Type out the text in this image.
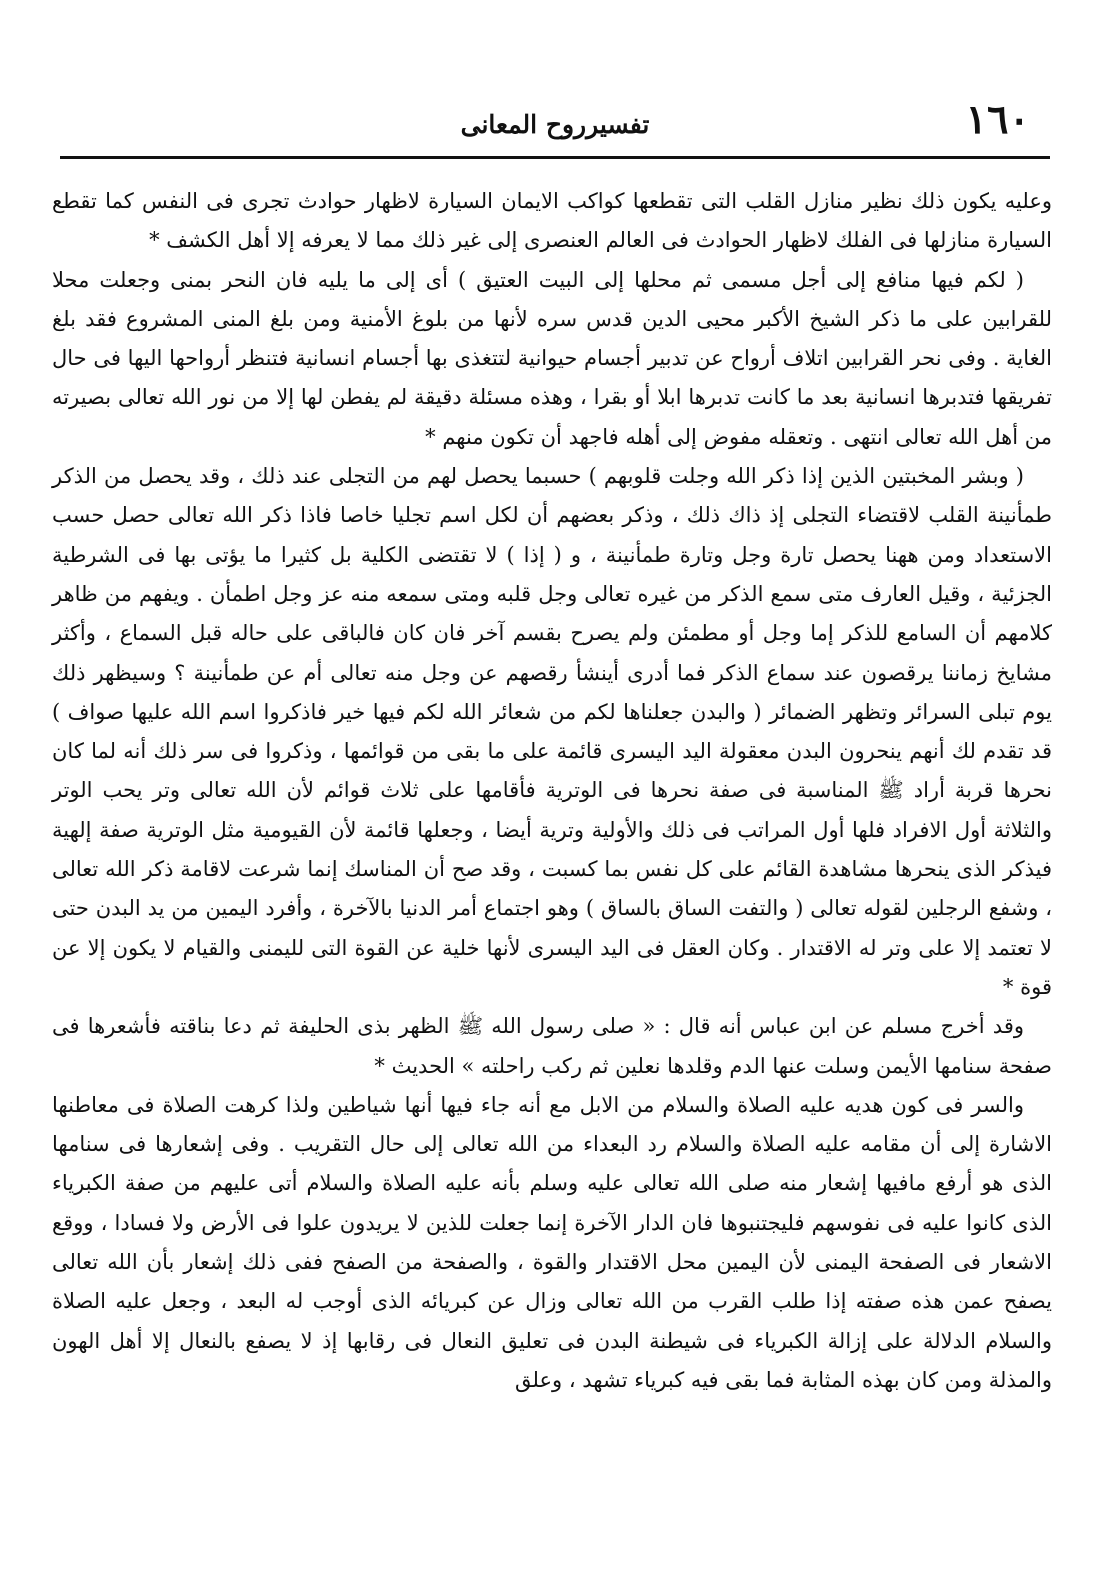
١٦٠
تفسيرروح المعانى

وعليه يكون ذلك نظير منازل القلب التى تقطعها كواكب الايمان السيارة لاظهار حوادث تجرى فى النفس كما تقطع السيارة منازلها فى الفلك لاظهار الحوادث فى العالم العنصرى إلى غير ذلك مما لا يعرفه إلا أهل الكشف *

( لكم فيها منافع إلى أجل مسمى ثم محلها إلى البيت العتيق ) أى إلى ما يليه فان النحر بمنى وجعلت محلا للقرابين على ما ذكر الشيخ الأكبر محيى الدين قدس سره لأنها من بلوغ الأمنية ومن بلغ المنى المشروع فقد بلغ الغاية . وفى نحر القرابين اتلاف أرواح عن تدبير أجسام حيوانية لتتغذى بها أجسام انسانية فتنظر أرواحها اليها فى حال تفريقها فتدبرها انسانية بعد ما كانت تدبرها ابلا أو بقرا ، وهذه مسئلة دقيقة لم يفطن لها إلا من نور الله تعالى بصيرته من أهل الله تعالى انتهى . وتعقله مفوض إلى أهله فاجهد أن تكون منهم *

( وبشر المخبتين الذين إذا ذكر الله وجلت قلوبهم ) حسبما يحصل لهم من التجلى عند ذلك ، وقد يحصل من الذكر طمأنينة القلب لاقتضاء التجلى إذ ذاك ذلك ، وذكر بعضهم أن لكل اسم تجليا خاصا فاذا ذكر الله تعالى حصل حسب الاستعداد ومن ههنا يحصل تارة وجل وتارة طمأنينة ، و ( إذا ) لا تقتضى الكلية بل كثيرا ما يؤتى بها فى الشرطية الجزئية ، وقيل العارف متى سمع الذكر من غيره تعالى وجل قلبه ومتى سمعه منه عز وجل اطمأن . ويفهم من ظاهر كلامهم أن السامع للذكر إما وجل أو مطمئن ولم يصرح بقسم آخر فان كان فالباقى على حاله قبل السماع ، وأكثر مشايخ زماننا يرقصون عند سماع الذكر فما أدرى أينشأ رقصهم عن وجل منه تعالى أم عن طمأنينة ؟ وسيظهر ذلك يوم تبلى السرائر وتظهر الضمائر ( والبدن جعلناها لكم من شعائر الله لكم فيها خير فاذكروا اسم الله عليها صواف ) قد تقدم لك أنهم ينحرون البدن معقولة اليد اليسرى قائمة على ما بقى من قوائمها ، وذكروا فى سر ذلك أنه لما كان نحرها قربة أراد ﷺ المناسبة فى صفة نحرها فى الوترية فأقامها على ثلاث قوائم لأن الله تعالى وتر يحب الوتر والثلاثة أول الافراد فلها أول المراتب فى ذلك والأولية وترية أيضا ، وجعلها قائمة لأن القيومية مثل الوترية صفة إلهية فيذكر الذى ينحرها مشاهدة القائم على كل نفس بما كسبت ، وقد صح أن المناسك إنما شرعت لاقامة ذكر الله تعالى ، وشفع الرجلين لقوله تعالى ( والتفت الساق بالساق ) وهو اجتماع أمر الدنيا بالآخرة ، وأفرد اليمين من يد البدن حتى لا تعتمد إلا على وتر له الاقتدار . وكان العقل فى اليد اليسرى لأنها خلية عن القوة التى لليمنى والقيام لا يكون إلا عن قوة *

وقد أخرج مسلم عن ابن عباس أنه قال : « صلى رسول الله ﷺ الظهر بذى الحليفة ثم دعا بناقته فأشعرها فى صفحة سنامها الأيمن وسلت عنها الدم وقلدها نعلين ثم ركب راحلته » الحديث *

والسر فى كون هديه عليه الصلاة والسلام من الابل مع أنه جاء فيها أنها شياطين ولذا كرهت الصلاة فى معاطنها الاشارة إلى أن مقامه عليه الصلاة والسلام رد البعداء من الله تعالى إلى حال التقريب . وفى إشعارها فى سنامها الذى هو أرفع مافيها إشعار منه صلى الله تعالى عليه وسلم بأنه عليه الصلاة والسلام أتى عليهم من صفة الكبرياء الذى كانوا عليه فى نفوسهم فليجتنبوها فان الدار الآخرة إنما جعلت للذين لا يريدون علوا فى الأرض ولا فسادا ، ووقع الاشعار فى الصفحة اليمنى لأن اليمين محل الاقتدار والقوة ، والصفحة من الصفح ففى ذلك إشعار بأن الله تعالى يصفح عمن هذه صفته إذا طلب القرب من الله تعالى وزال عن كبريائه الذى أوجب له البعد ، وجعل عليه الصلاة والسلام الدلالة على إزالة الكبرياء فى شيطنة البدن فى تعليق النعال فى رقابها إذ لا يصفع بالنعال إلا أهل الهون والمذلة ومن كان بهذه المثابة فما بقى فيه كبرياء تشهد ، وعلق
